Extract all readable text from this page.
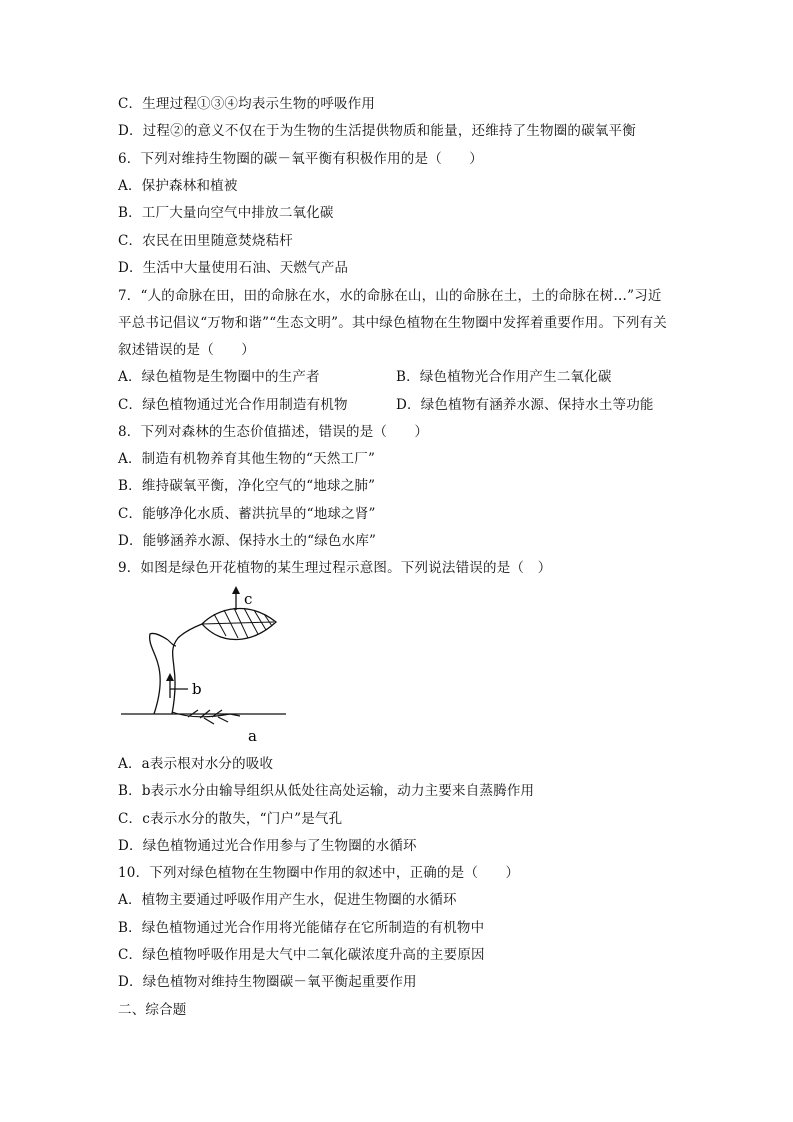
C．生理过程①③④均表示生物的呼吸作用
D．过程②的意义不仅在于为生物的生活提供物质和能量，还维持了生物圈的碳氧平衡
6．下列对维持生物圈的碳－氧平衡有积极作用的是（　　）
A．保护森林和植被
B．工厂大量向空气中排放二氧化碳
C．农民在田里随意焚烧秸杆
D．生活中大量使用石油、天燃气产品
7．“人的命脉在田，田的命脉在水，水的命脉在山，山的命脉在土，土的命脉在树…”习近
平总书记倡议“万物和谐”“生态文明”。其中绿色植物在生物圈中发挥着重要作用。下列有关
叙述错误的是（　　）
A．绿色植物是生物圈中的生产者	B．绿色植物光合作用产生二氧化碳
C．绿色植物通过光合作用制造有机物	D．绿色植物有涵养水源、保持水土等功能
8．下列对森林的生态价值描述，错误的是（　　）
A．制造有机物养育其他生物的“天然工厂”
B．维持碳氧平衡，净化空气的“地球之肺”
C．能够净化水质、蓄洪抗旱的“地球之肾”
D．能够涵养水源、保持水土的“绿色水库”
9．如图是绿色开花植物的某生理过程示意图。下列说法错误的是（　）
c
b
a
A．a表示根对水分的吸收
B．b表示水分由输导组织从低处往高处运输，动力主要来自蒸腾作用
C．c表示水分的散失，“门户”是气孔
D．绿色植物通过光合作用参与了生物圈的水循环
10．下列对绿色植物在生物圈中作用的叙述中，正确的是（　　）
A．植物主要通过呼吸作用产生水，促进生物圈的水循环
B．绿色植物通过光合作用将光能储存在它所制造的有机物中
C．绿色植物呼吸作用是大气中二氧化碳浓度升高的主要原因
D．绿色植物对维持生物圈碳－氧平衡起重要作用
二、综合题
